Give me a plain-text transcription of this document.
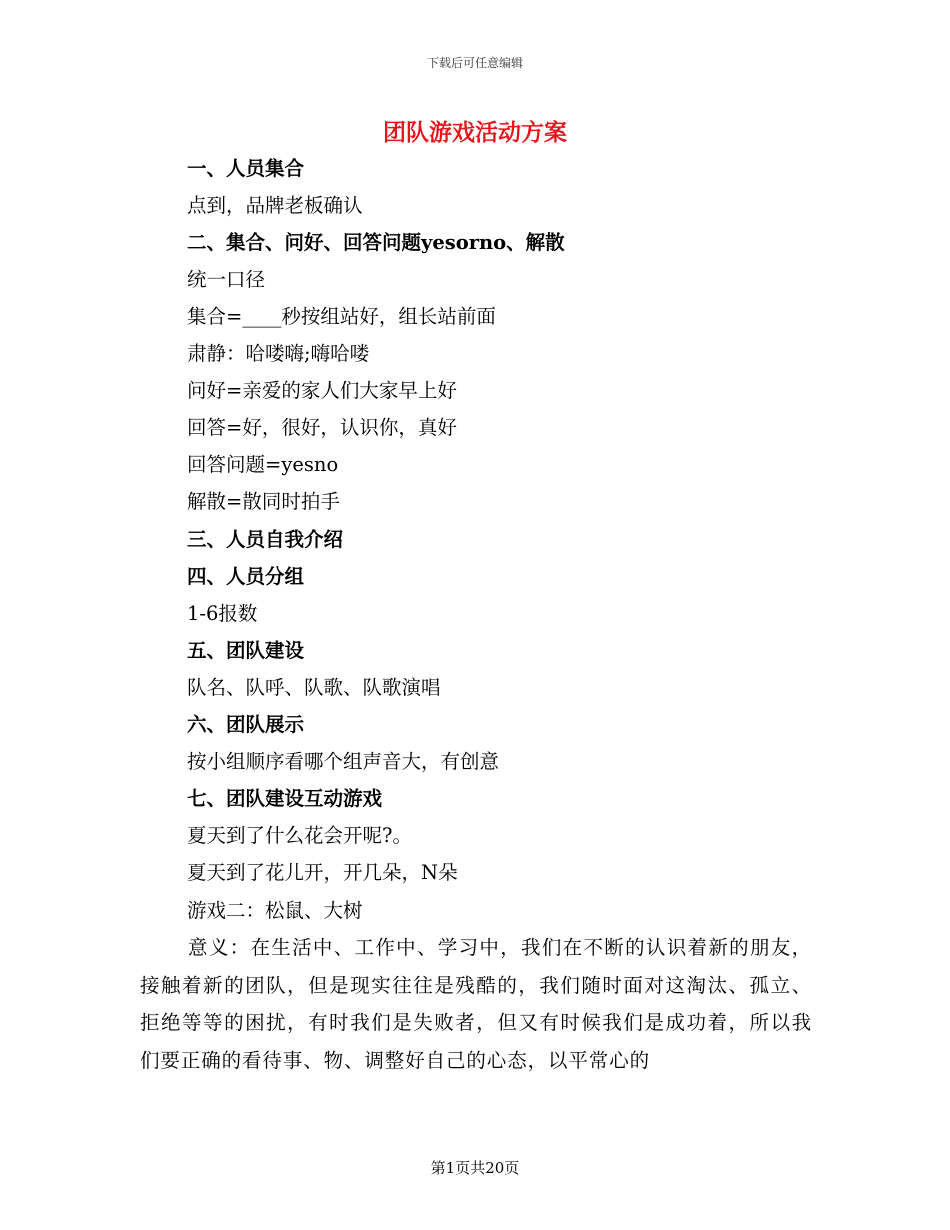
下载后可任意编辑
团队游戏活动方案

一、人员集合

点到，品牌老板确认

二、集合、问好、回答问题yesorno、解散

统一口径

集合=____秒按组站好，组长站前面

肃静：哈喽嗨;嗨哈喽

问好=亲爱的家人们大家早上好

回答=好，很好，认识你，真好

回答问题=yesno

解散=散同时拍手

三、人员自我介绍

四、人员分组

1-6报数

五、团队建设

队名、队呼、队歌、队歌演唱

六、团队展示

按小组顺序看哪个组声音大，有创意

七、团队建设互动游戏

夏天到了什么花会开呢?。

夏天到了花儿开，开几朵，N朵

游戏二：松鼠、大树

意义：在生活中、工作中、学习中，我们在不断的认识着新的朋友，接触着新的团队，但是现实往往是残酷的，我们随时面对这淘汰、孤立、拒绝等等的困扰，有时我们是失败者，但又有时候我们是成功着，所以我们要正确的看待事、物、调整好自己的心态，以平常心的

第1页共20页
